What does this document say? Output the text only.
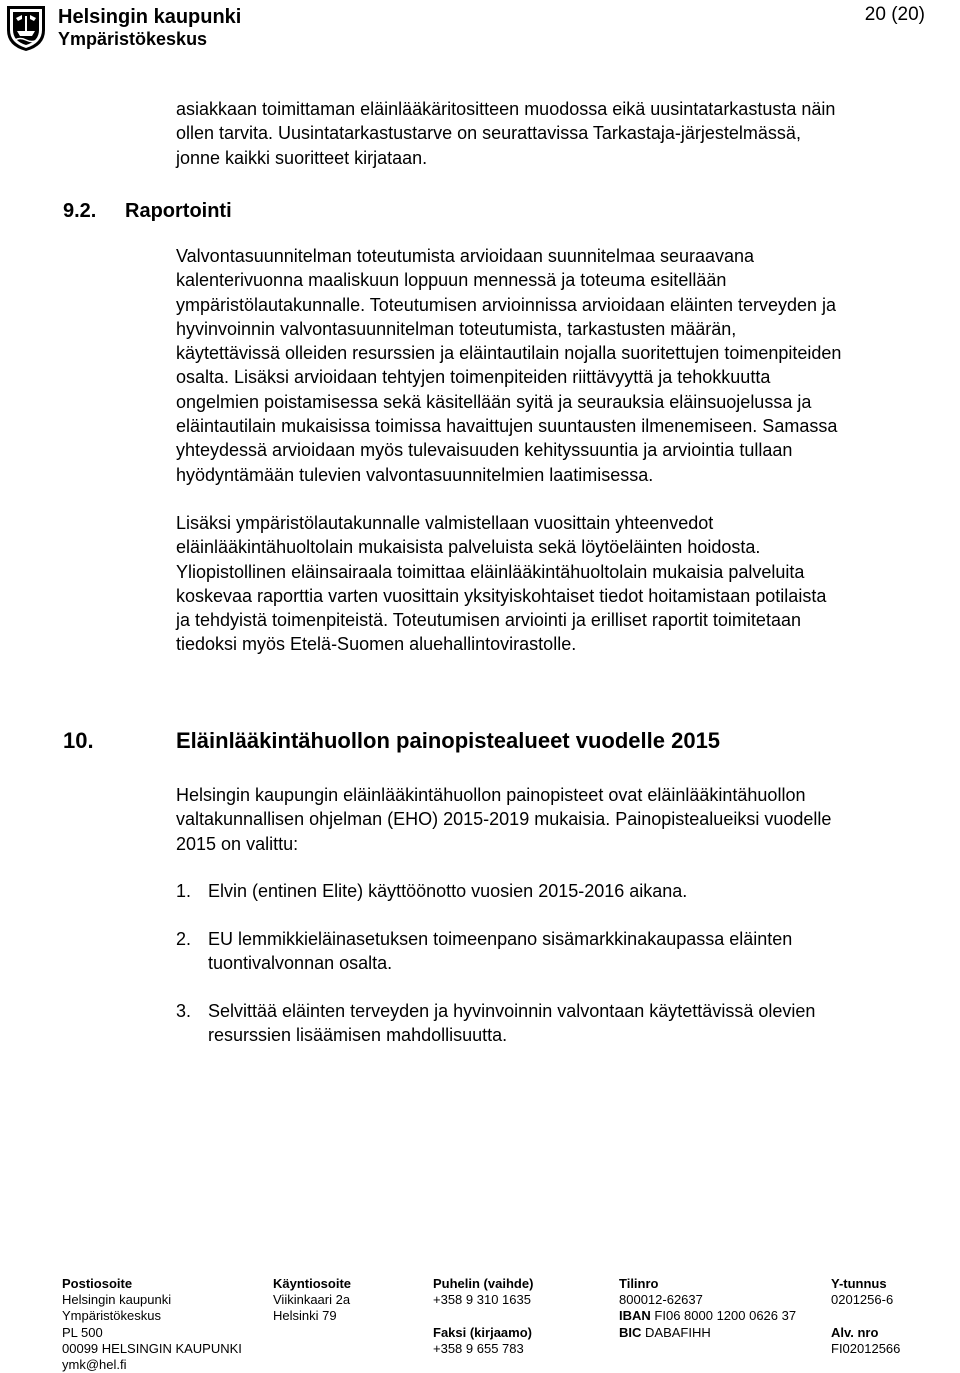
Helsingin kaupunki
Ympäristökeskus
20 (20)
asiakkaan toimittaman eläinlääkäritositteen muodossa eikä uusintatarkastusta näin
ollen tarvita. Uusintatarkastustarve on seurattavissa Tarkastaja-järjestelmässä,
jonne kaikki suoritteet kirjataan.
9.2. Raportointi
Valvontasuunnitelman toteutumista arvioidaan suunnitelmaa seuraavana
kalenterivuonna maaliskuun loppuun mennessä ja toteuma esitellään
ympäristölautakunnalle. Toteutumisen arvioinnissa arvioidaan eläinten terveyden ja
hyvinvoinnin valvontasuunnitelman toteutumista, tarkastusten määrän,
käytettävissä olleiden resurssien ja eläintautilain nojalla suoritettujen toimenpiteiden
osalta. Lisäksi arvioidaan tehtyjen toimenpiteiden riittävyyttä ja tehokkuutta
ongelmien poistamisessa sekä käsitellään syitä ja seurauksia eläinsuojelussa ja
eläintautilain mukaisissa toimissa havaittujen suuntausten ilmenemiseen. Samassa
yhteydessä arvioidaan myös tulevaisuuden kehityssuuntia ja arviointia tullaan
hyödyntämään tulevien valvontasuunnitelmien laatimisessa.
Lisäksi ympäristölautakunnalle valmistellaan vuosittain yhteenvedot
eläinlääkintähuoltolain mukaisista palveluista sekä löytöeläinten hoidosta.
Yliopistollinen eläinsairaala toimittaa eläinlääkintähuoltolain mukaisia palveluita
koskevaa raporttia varten vuosittain yksityiskohtaiset tiedot hoitamistaan potilaista
ja tehdyistä toimenpiteistä. Toteutumisen arviointi ja erilliset raportit toimitetaan
tiedoksi myös Etelä-Suomen aluehallintovirastolle.
10.	Eläinlääkintähuollon painopistealueet vuodelle 2015
Helsingin kaupungin eläinlääkintähuollon painopisteet ovat eläinlääkintähuollon
valtakunnallisen ohjelman (EHO) 2015-2019 mukaisia. Painopistealueiksi vuodelle
2015 on valittu:
1. Elvin (entinen Elite) käyttöönotto vuosien 2015-2016 aikana.
2. EU lemmikkieläinasetuksen toimeenpano sisämarkkinakaupassa eläinten
tuontivalvonnan osalta.
3. Selvittää eläinten terveyden ja hyvinvoinnin valvontaan käytettävissä olevien
resurssien lisäämisen mahdollisuutta.
Postiosoite
Helsingin kaupunki
Ympäristökeskus
PL 500
00099 HELSINGIN KAUPUNKI
ymk@hel.fi
Käyntiosoite
Viikinkaari 2a
Helsinki 79
Puhelin (vaihde)
+358 9 310 1635
Faksi (kirjaamo)
+358 9 655 783
Tilinro
800012-62637
IBAN FI06 8000 1200 0626 37
BIC DABAFIHH
Y-tunnus
0201256-6
Alv. nro
FI02012566
